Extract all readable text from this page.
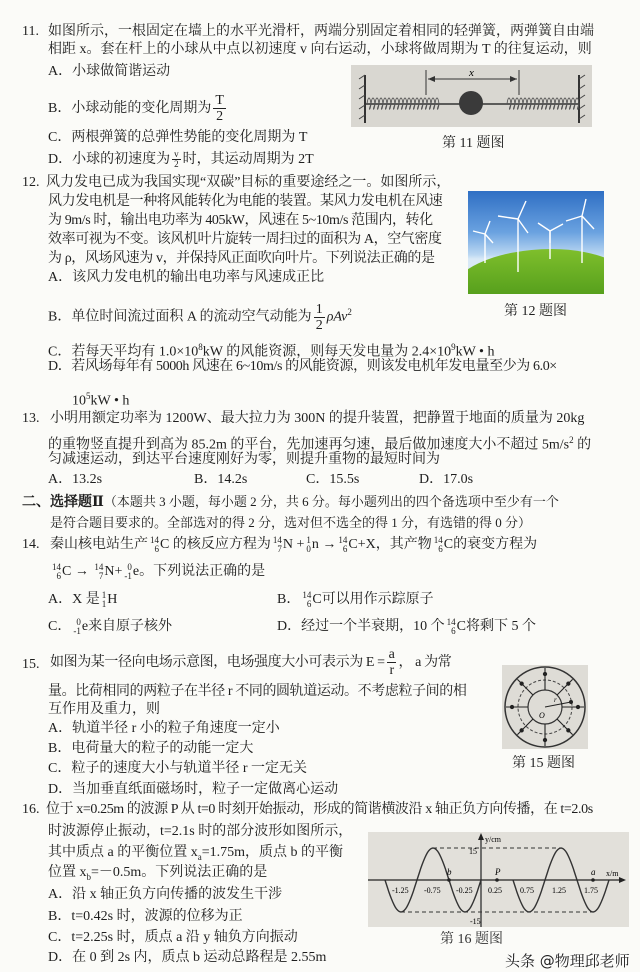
11. 如图所示，一根固定在墙上的水平光滑杆，两端分别固定着相同的轻弹簧，两弹簧自由端
相距 x。套在杆上的小球从中点以初速度 v 向右运动，小球将做周期为 T 的往复运动，则
A．小球做简谐运动
B．小球动能的变化周期为 $\frac{T}{2}$
C．两根弹簧的总弹性势能的变化周期为 T
D．小球的初速度为 $\frac{v}{2}$ 时，其运动周期为 2T
x
第 11 题图
12. 风力发电已成为我国实现“双碳”目标的重要途经之一。如图所示，
风力发电机是一种将风能转化为电能的装置。某风力发电机在风速
为 9m/s 时，输出电功率为 405kW，风速在 5~10m/s 范围内，转化
效率可视为不变。该风机叶片旋转一周扫过的面积为 A，空气密度
为 ρ，风场风速为 v，并保持风正面吹向叶片。下列说法正确的是
A．该风力发电机的输出电功率与风速成正比
B．单位时间流过面积 A 的流动空气动能为 $\frac{1}{2} \rho Av^2$
C．若每天平均有 $1.0\times 10^8kW$ 的风能资源，则每天发电量为 $2.4\times 10^9kW$ • h
D．若风场每年有 5000h 风速在 6~10m/s 的风能资源，则该发电机年发电量至少为 6.0×
$10^5kW$ • h
第 12 题图
13. 小明用额定功率为 1200W、最大拉力为 300N 的提升装置，把静置于地面的质量为 20kg
的重物竖直提升到高为 85.2m 的平台，先加速再匀速，最后做加速度大小不超过 $5m/s^2$ 的
匀减速运动，到达平台速度刚好为零，则提升重物的最短时间为
A．13.2s	B．14.2s	C．15.5s	D．17.0s
二、选择题Ⅱ（本题共 3 小题，每小题 2 分，共 6 分。每小题列出的四个备选项中至少有一个
是符合题目要求的。全部选对的得 2 分，选对但不选全的得 1 分，有选错的得 0 分）
14. 秦山核电站生产 14
6 C 的核反应方程为 14
7 N + 1
0 n → 14
6 C+X，其产物 14
6 C的衰变方程为
14
6 C → 14
7 N+ 0
-1 e。下列说法正确的是
A．X 是 1
1 H	B． 14
6 C可以用作示踪原子
C． 0
-1 e来自原子核外	D．经过一个半衰期，10 个 14
6 C将剩下 5 个
15. 如图为某一径向电场示意图，电场强度大小可表示为 $E = \frac{a}{r}$ ， a 为常
量。比荷相同的两粒子在半径 r 不同的圆轨道运动。不考虑粒子间的相
互作用及重力，则
A．轨道半径 r 小的粒子角速度一定小
B．电荷量大的粒子的动能一定大
C．粒子的速度大小与轨道半径 r 一定无关
D．当加垂直纸面磁场时，粒子一定做离心运动
r
O
第 15 题图
16. 位于 x=0.25m 的波源 P 从 t=0 时刻开始振动，形成的简谐横波沿 x 轴正负方向传播，在 t=2.0s
时波源停止振动，t=2.1s 时的部分波形如图所示，
其中质点 a 的平衡位置 $x_a=1.75m$，质点 b 的平衡
位置 $x_b=-0.5m$。下列说法正确的是
A．沿 x 轴正负方向传播的波发生干涉
B．t=0.42s 时，波源的位移为正
C．t=2.25s 时，质点 a 沿 y 轴负方向振动
D．在 0 到 2s 内，质点 b 运动总路程是 2.55m
y/cm
x/m
15
-15
-1.25 -0.75 -0.25 0.25 0.75 1.25 1.75
b	P	a
第 16 题图
头条 @物理邱老师
